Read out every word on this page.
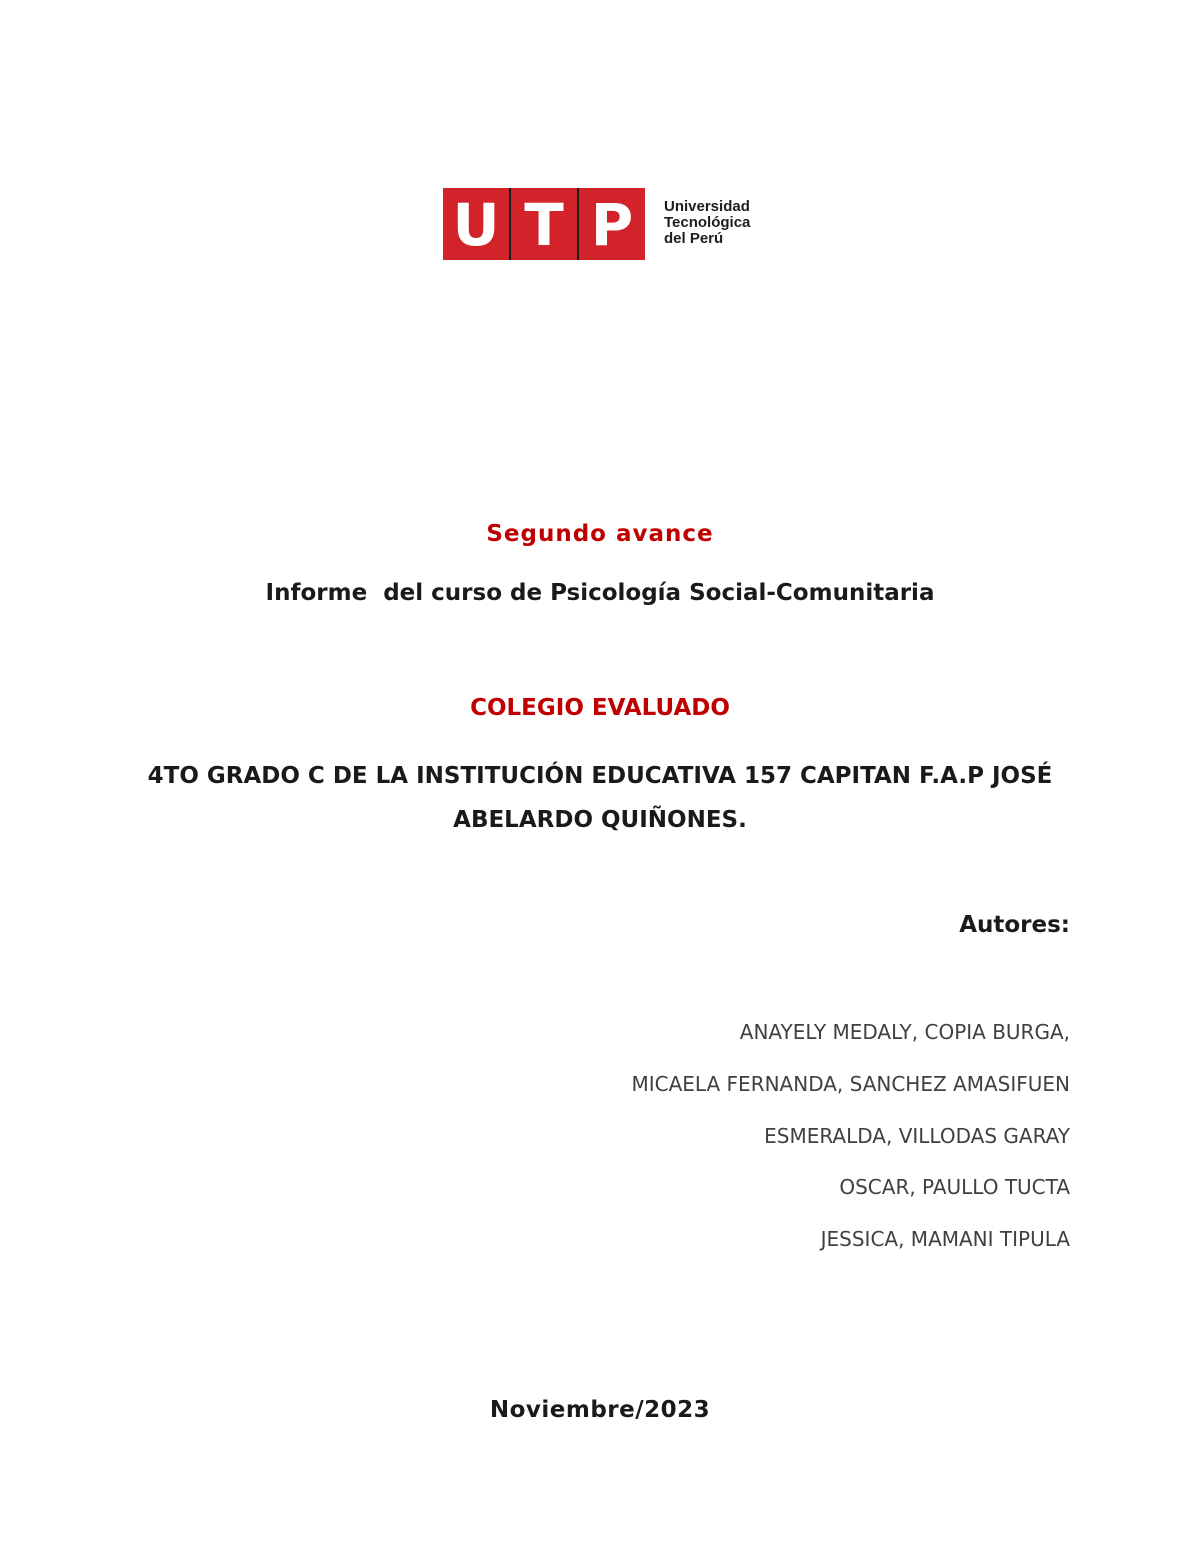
U T P	Universidad
Tecnológica
del Perú
Segundo avance
Informe  del curso de Psicología Social-Comunitaria
COLEGIO EVALUADO
4TO GRADO C DE LA INSTITUCIÓN EDUCATIVA 157 CAPITAN F.A.P JOSÉ
ABELARDO QUIÑONES.
Autores:
ANAYELY MEDALY, COPIA BURGA,
MICAELA FERNANDA, SANCHEZ AMASIFUEN
ESMERALDA, VILLODAS GARAY
OSCAR, PAULLO TUCTA
JESSICA, MAMANI TIPULA
Noviembre/2023
